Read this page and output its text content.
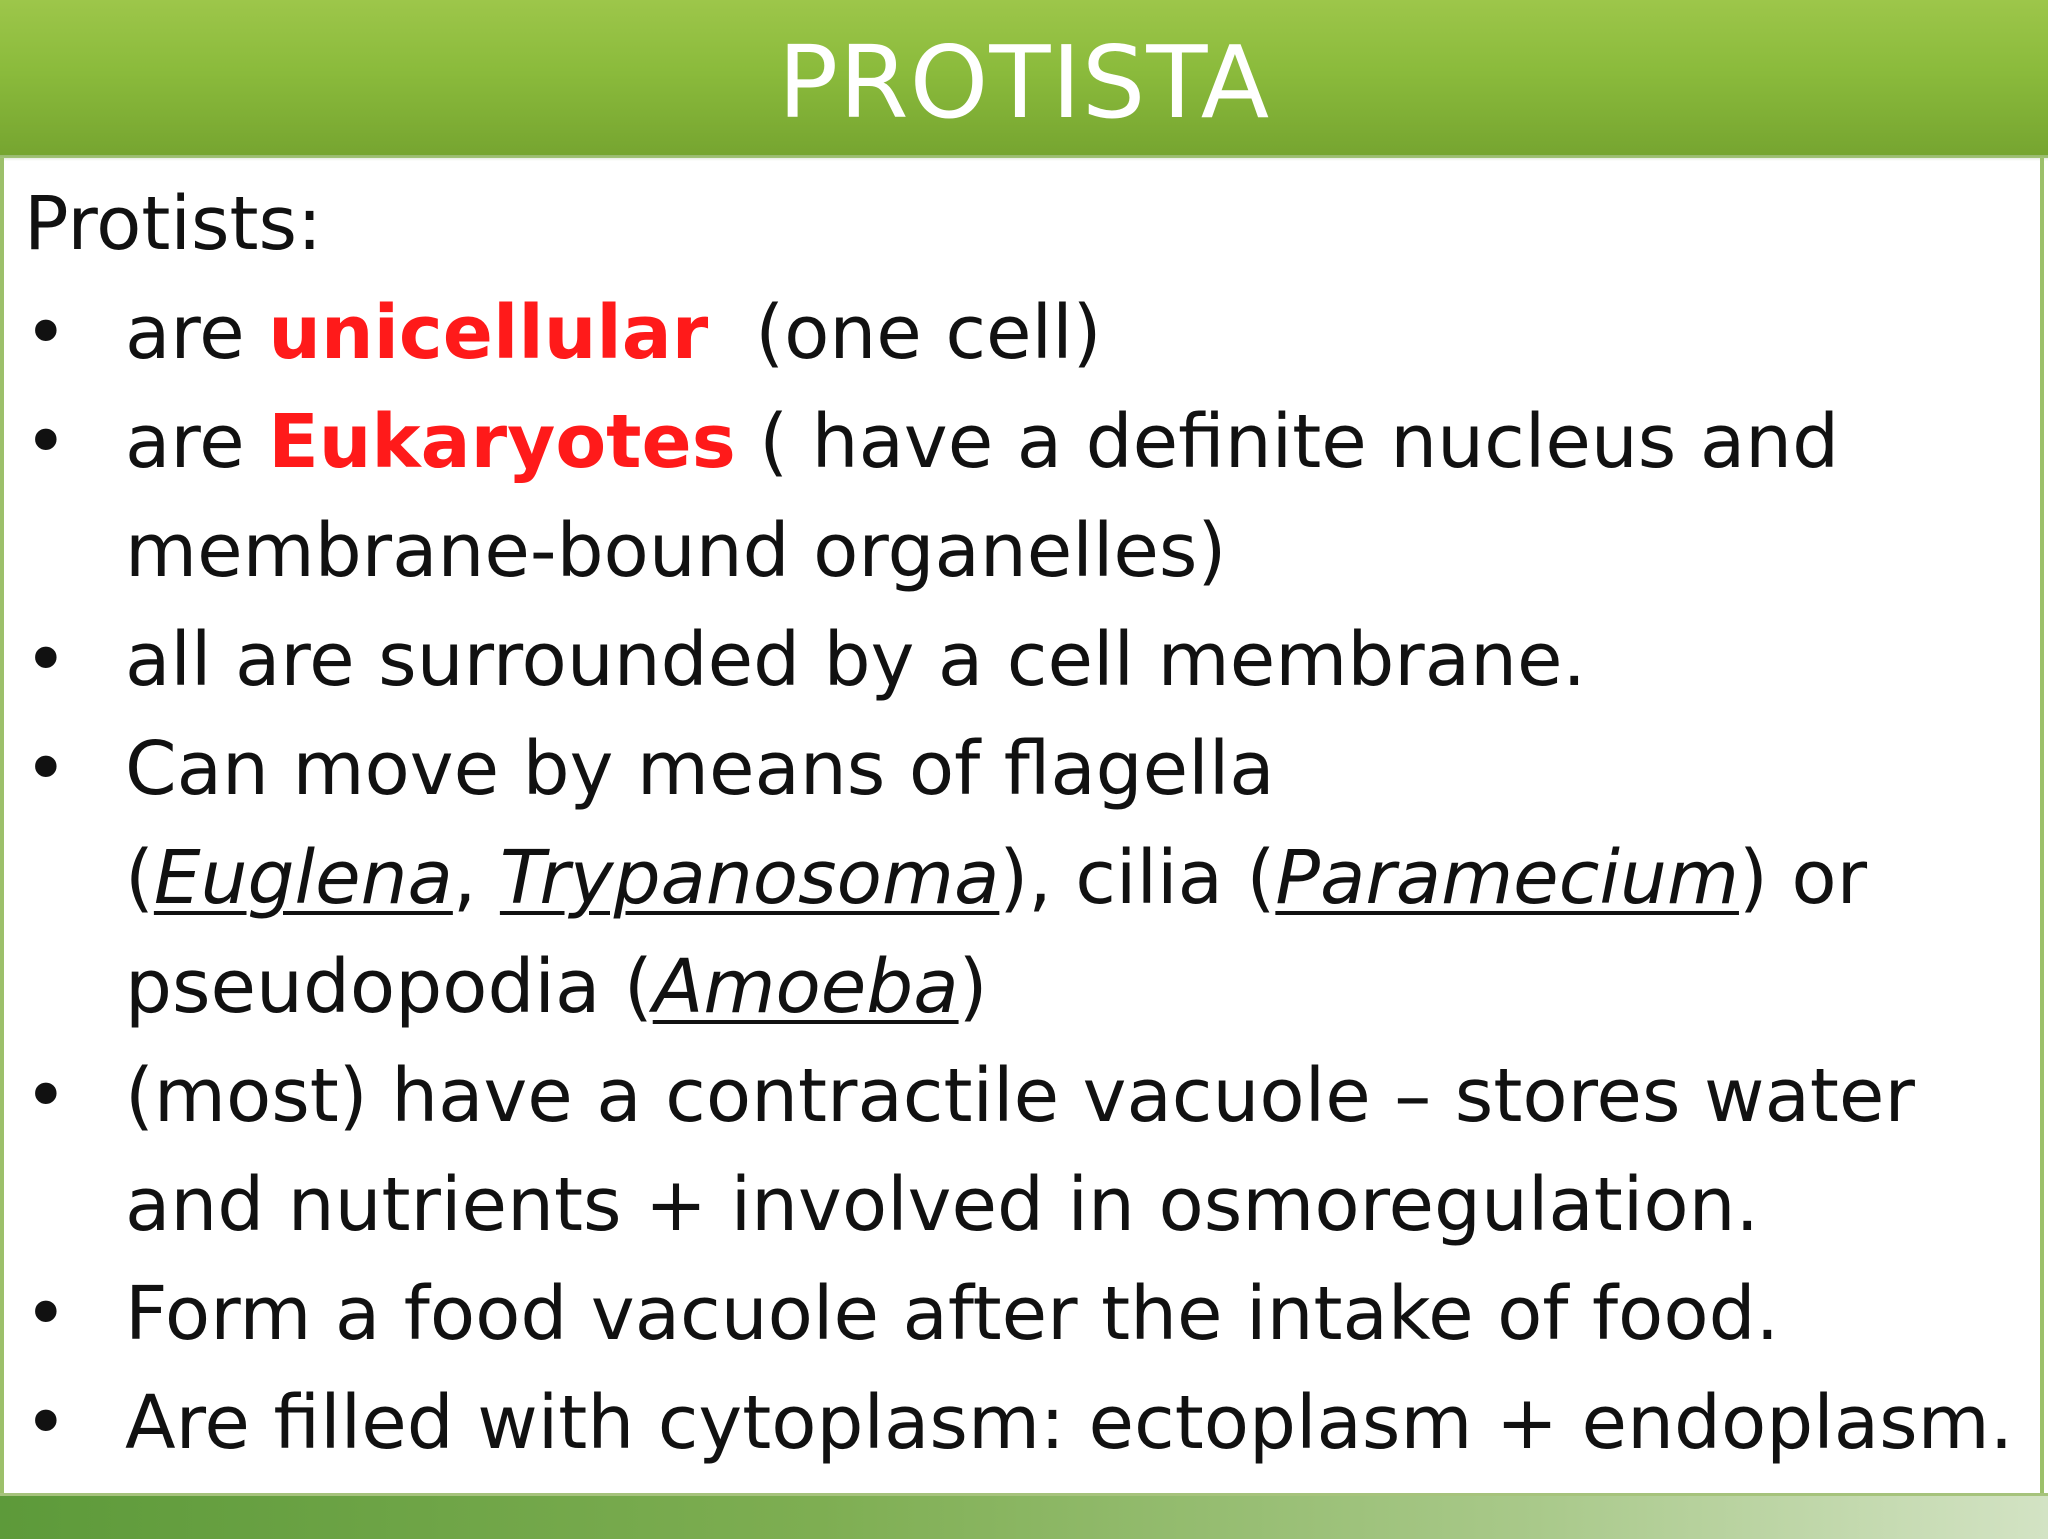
PROTISTA

Protists:

• are unicellular  (one cell)
• are Eukaryotes ( have a definite nucleus and
membrane-bound organelles)
• all are surrounded by a cell membrane.
• Can move by means of flagella
(Euglena, Trypanosoma), cilia (Paramecium) or
pseudopodia (Amoeba)
• (most) have a contractile vacuole – stores water
and nutrients + involved in osmoregulation.
• Form a food vacuole after the intake of food.
• Are filled with cytoplasm: ectoplasm + endoplasm.
